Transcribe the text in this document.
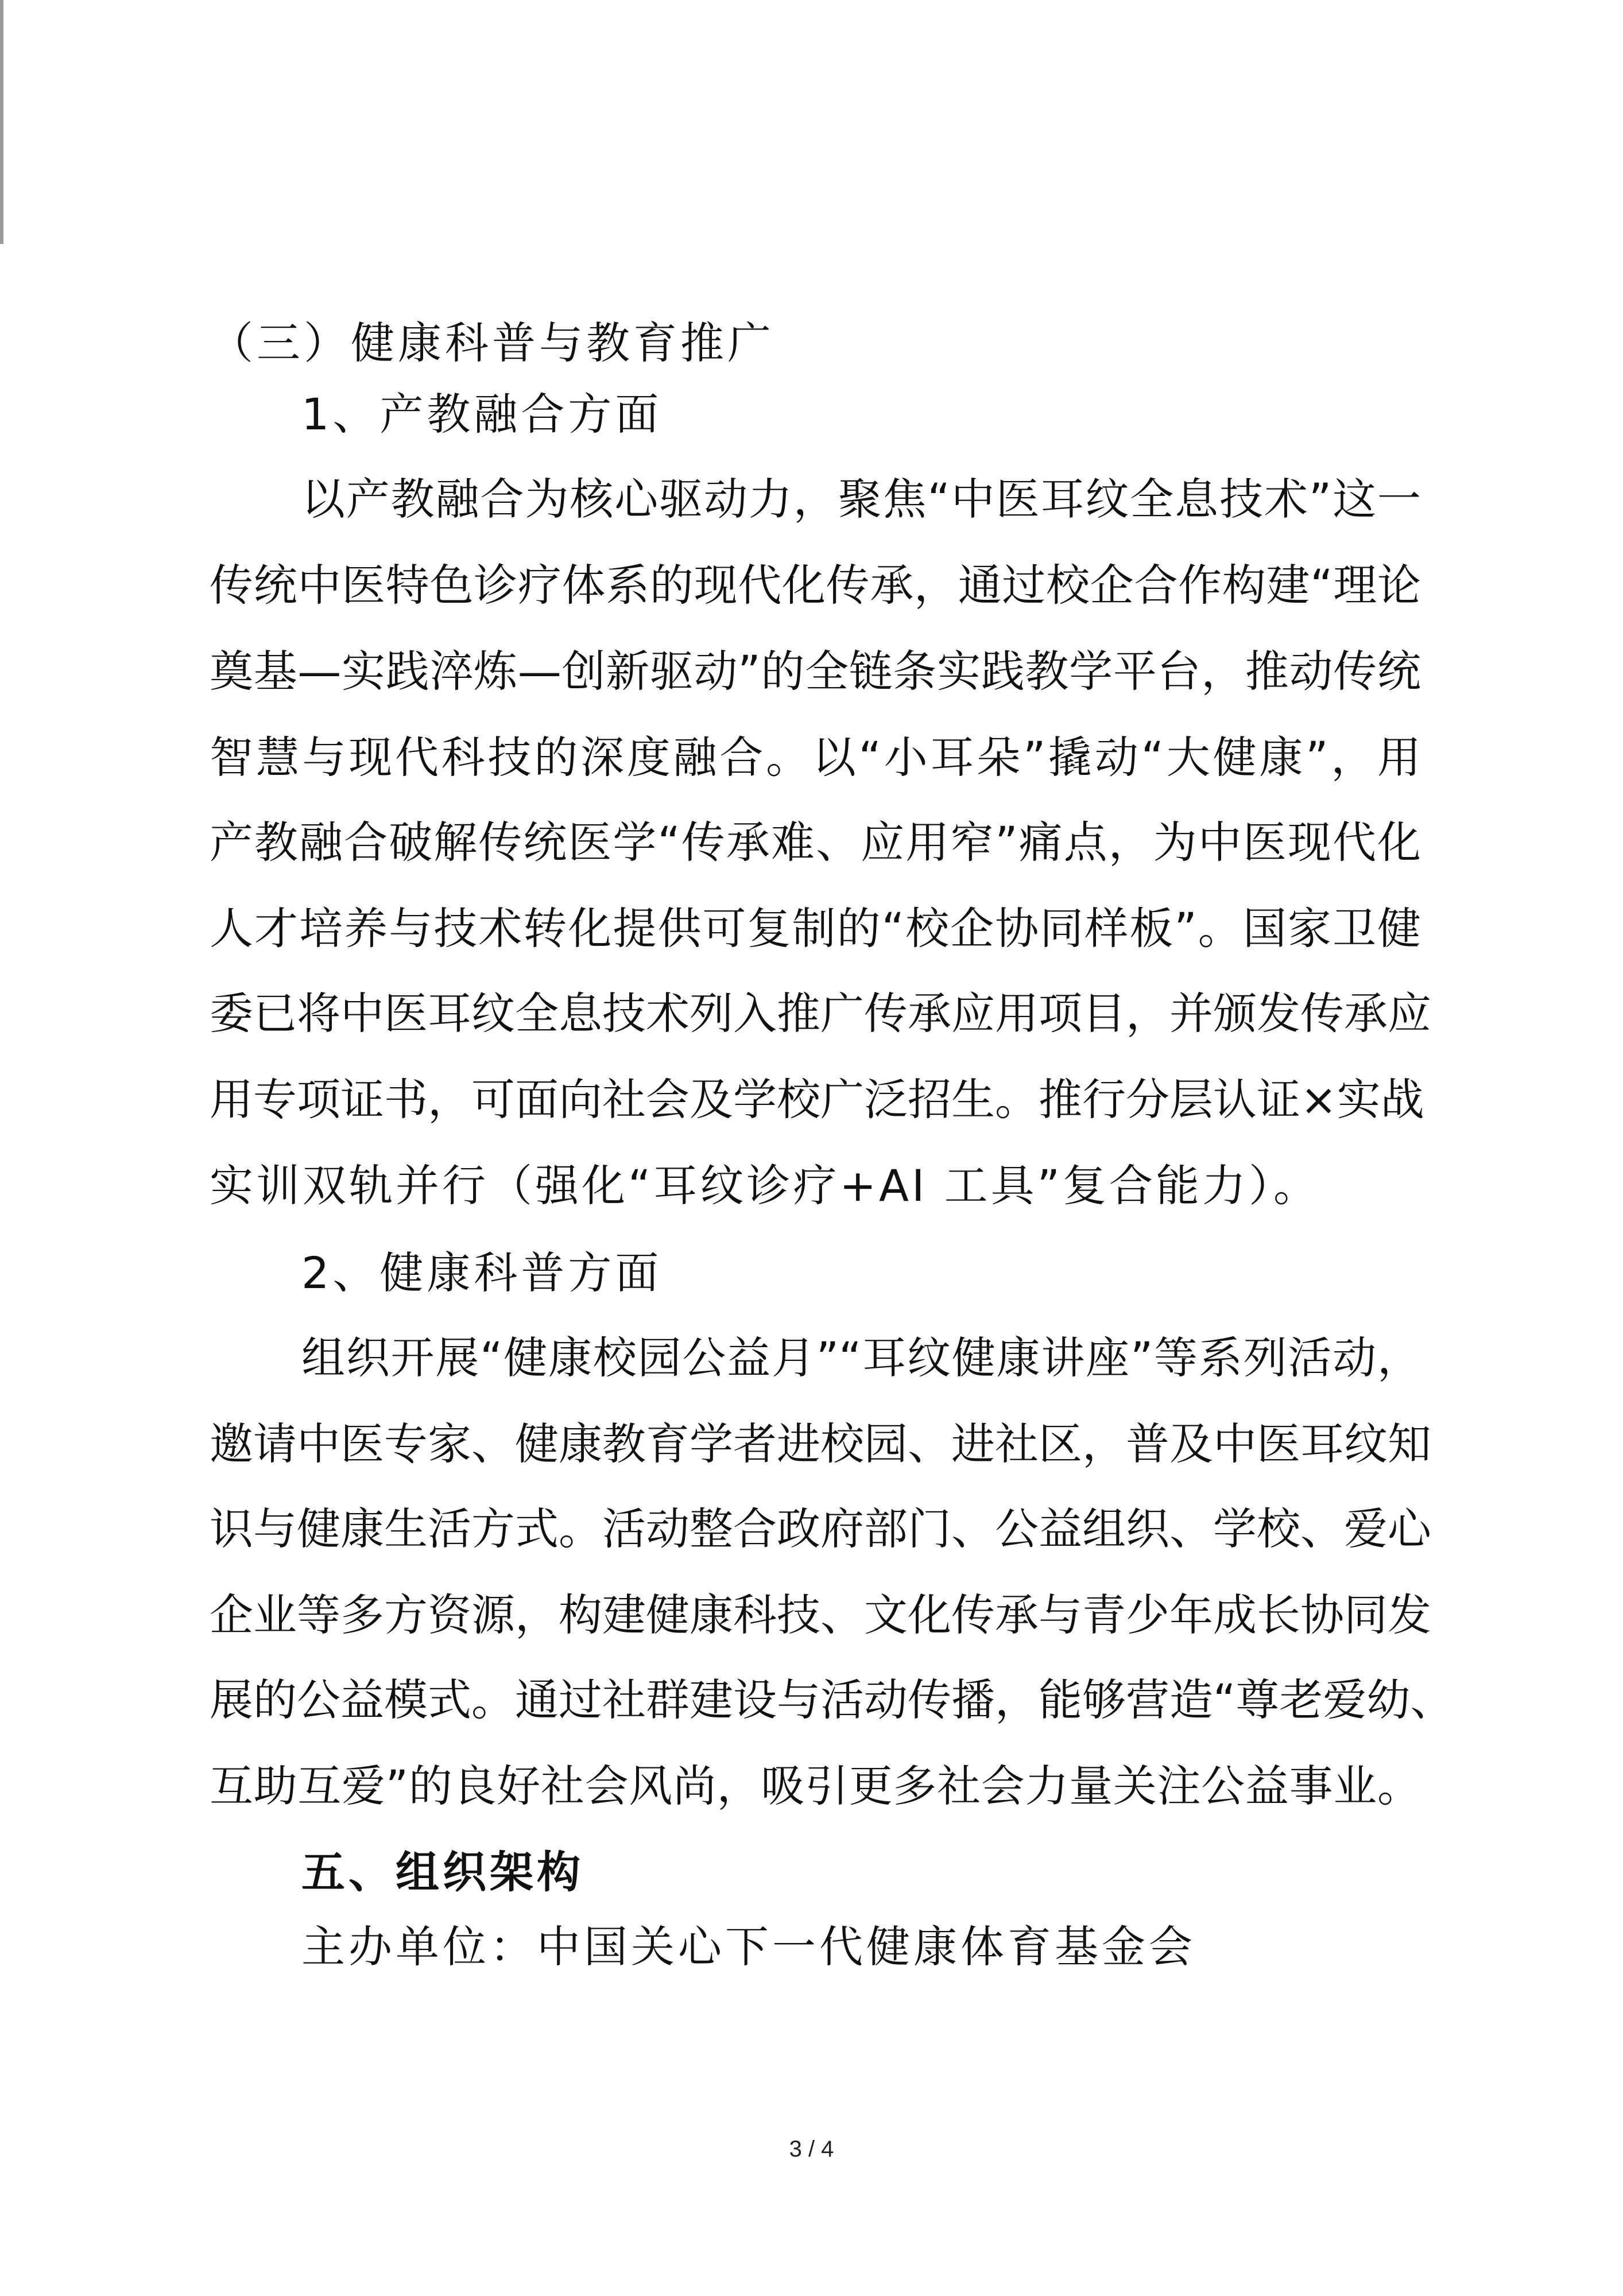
（三）健康科普与教育推广
1、产教融合方面
以产教融合为核心驱动力，聚焦“中医耳纹全息技术”这一
传统中医特色诊疗体系的现代化传承，通过校企合作构建“理论
奠基—实践淬炼—创新驱动”的全链条实践教学平台，推动传统
智慧与现代科技的深度融合。以“小耳朵”撬动“大健康”，用
产教融合破解传统医学“传承难、应用窄”痛点，为中医现代化
人才培养与技术转化提供可复制的“校企协同样板”。国家卫健
委已将中医耳纹全息技术列入推广传承应用项目，并颁发传承应
用专项证书，可面向社会及学校广泛招生。推行分层认证×实战
实训双轨并行（强化“耳纹诊疗+AI 工具”复合能力）。
2、健康科普方面
组织开展“健康校园公益月”“耳纹健康讲座”等系列活动，
邀请中医专家、健康教育学者进校园、进社区，普及中医耳纹知
识与健康生活方式。活动整合政府部门、公益组织、学校、爱心
企业等多方资源，构建健康科技、文化传承与青少年成长协同发
展的公益模式。通过社群建设与活动传播，能够营造“尊老爱幼、
互助互爱”的良好社会风尚，吸引更多社会力量关注公益事业。
五、组织架构
主办单位：中国关心下一代健康体育基金会
3 / 4
